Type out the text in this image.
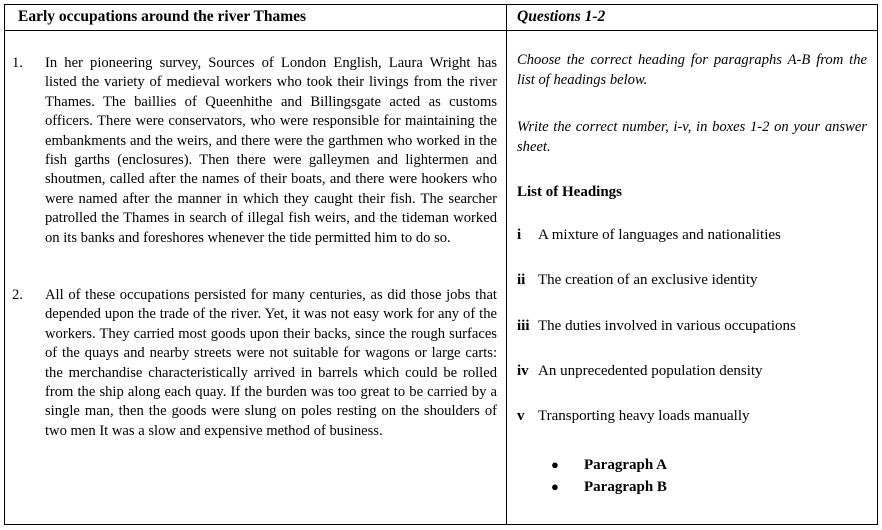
Early occupations around the river Thames	Questions 1-2
1. In her pioneering survey, Sources of London English, Laura Wright has listed the variety of medieval workers who took their livings from the river Thames. The baillies of Queenhithe and Billingsgate acted as customs officers. There were conservators, who were responsible for maintaining the embankments and the weirs, and there were the garthmen who worked in the fish garths (enclosures). Then there were galleymen and lightermen and shoutmen, called after the names of their boats, and there were hookers who were named after the manner in which they caught their fish. The searcher patrolled the Thames in search of illegal fish weirs, and the tideman worked on its banks and foreshores whenever the tide permitted him to do so.
2. All of these occupations persisted for many centuries, as did those jobs that depended upon the trade of the river. Yet, it was not easy work for any of the workers. They carried most goods upon their backs, since the rough surfaces of the quays and nearby streets were not suitable for wagons or large carts: the merchandise characteristically arrived in barrels which could be rolled from the ship along each quay. If the burden was too great to be carried by a single man, then the goods were slung on poles resting on the shoulders of two men It was a slow and expensive method of business.
Choose the correct heading for paragraphs A-B from the list of headings below.
Write the correct number, i-v, in boxes 1-2 on your answer sheet.
List of Headings
i A mixture of languages and nationalities
ii The creation of an exclusive identity
iii The duties involved in various occupations
iv An unprecedented population density
v Transporting heavy loads manually
● Paragraph A
● Paragraph B
